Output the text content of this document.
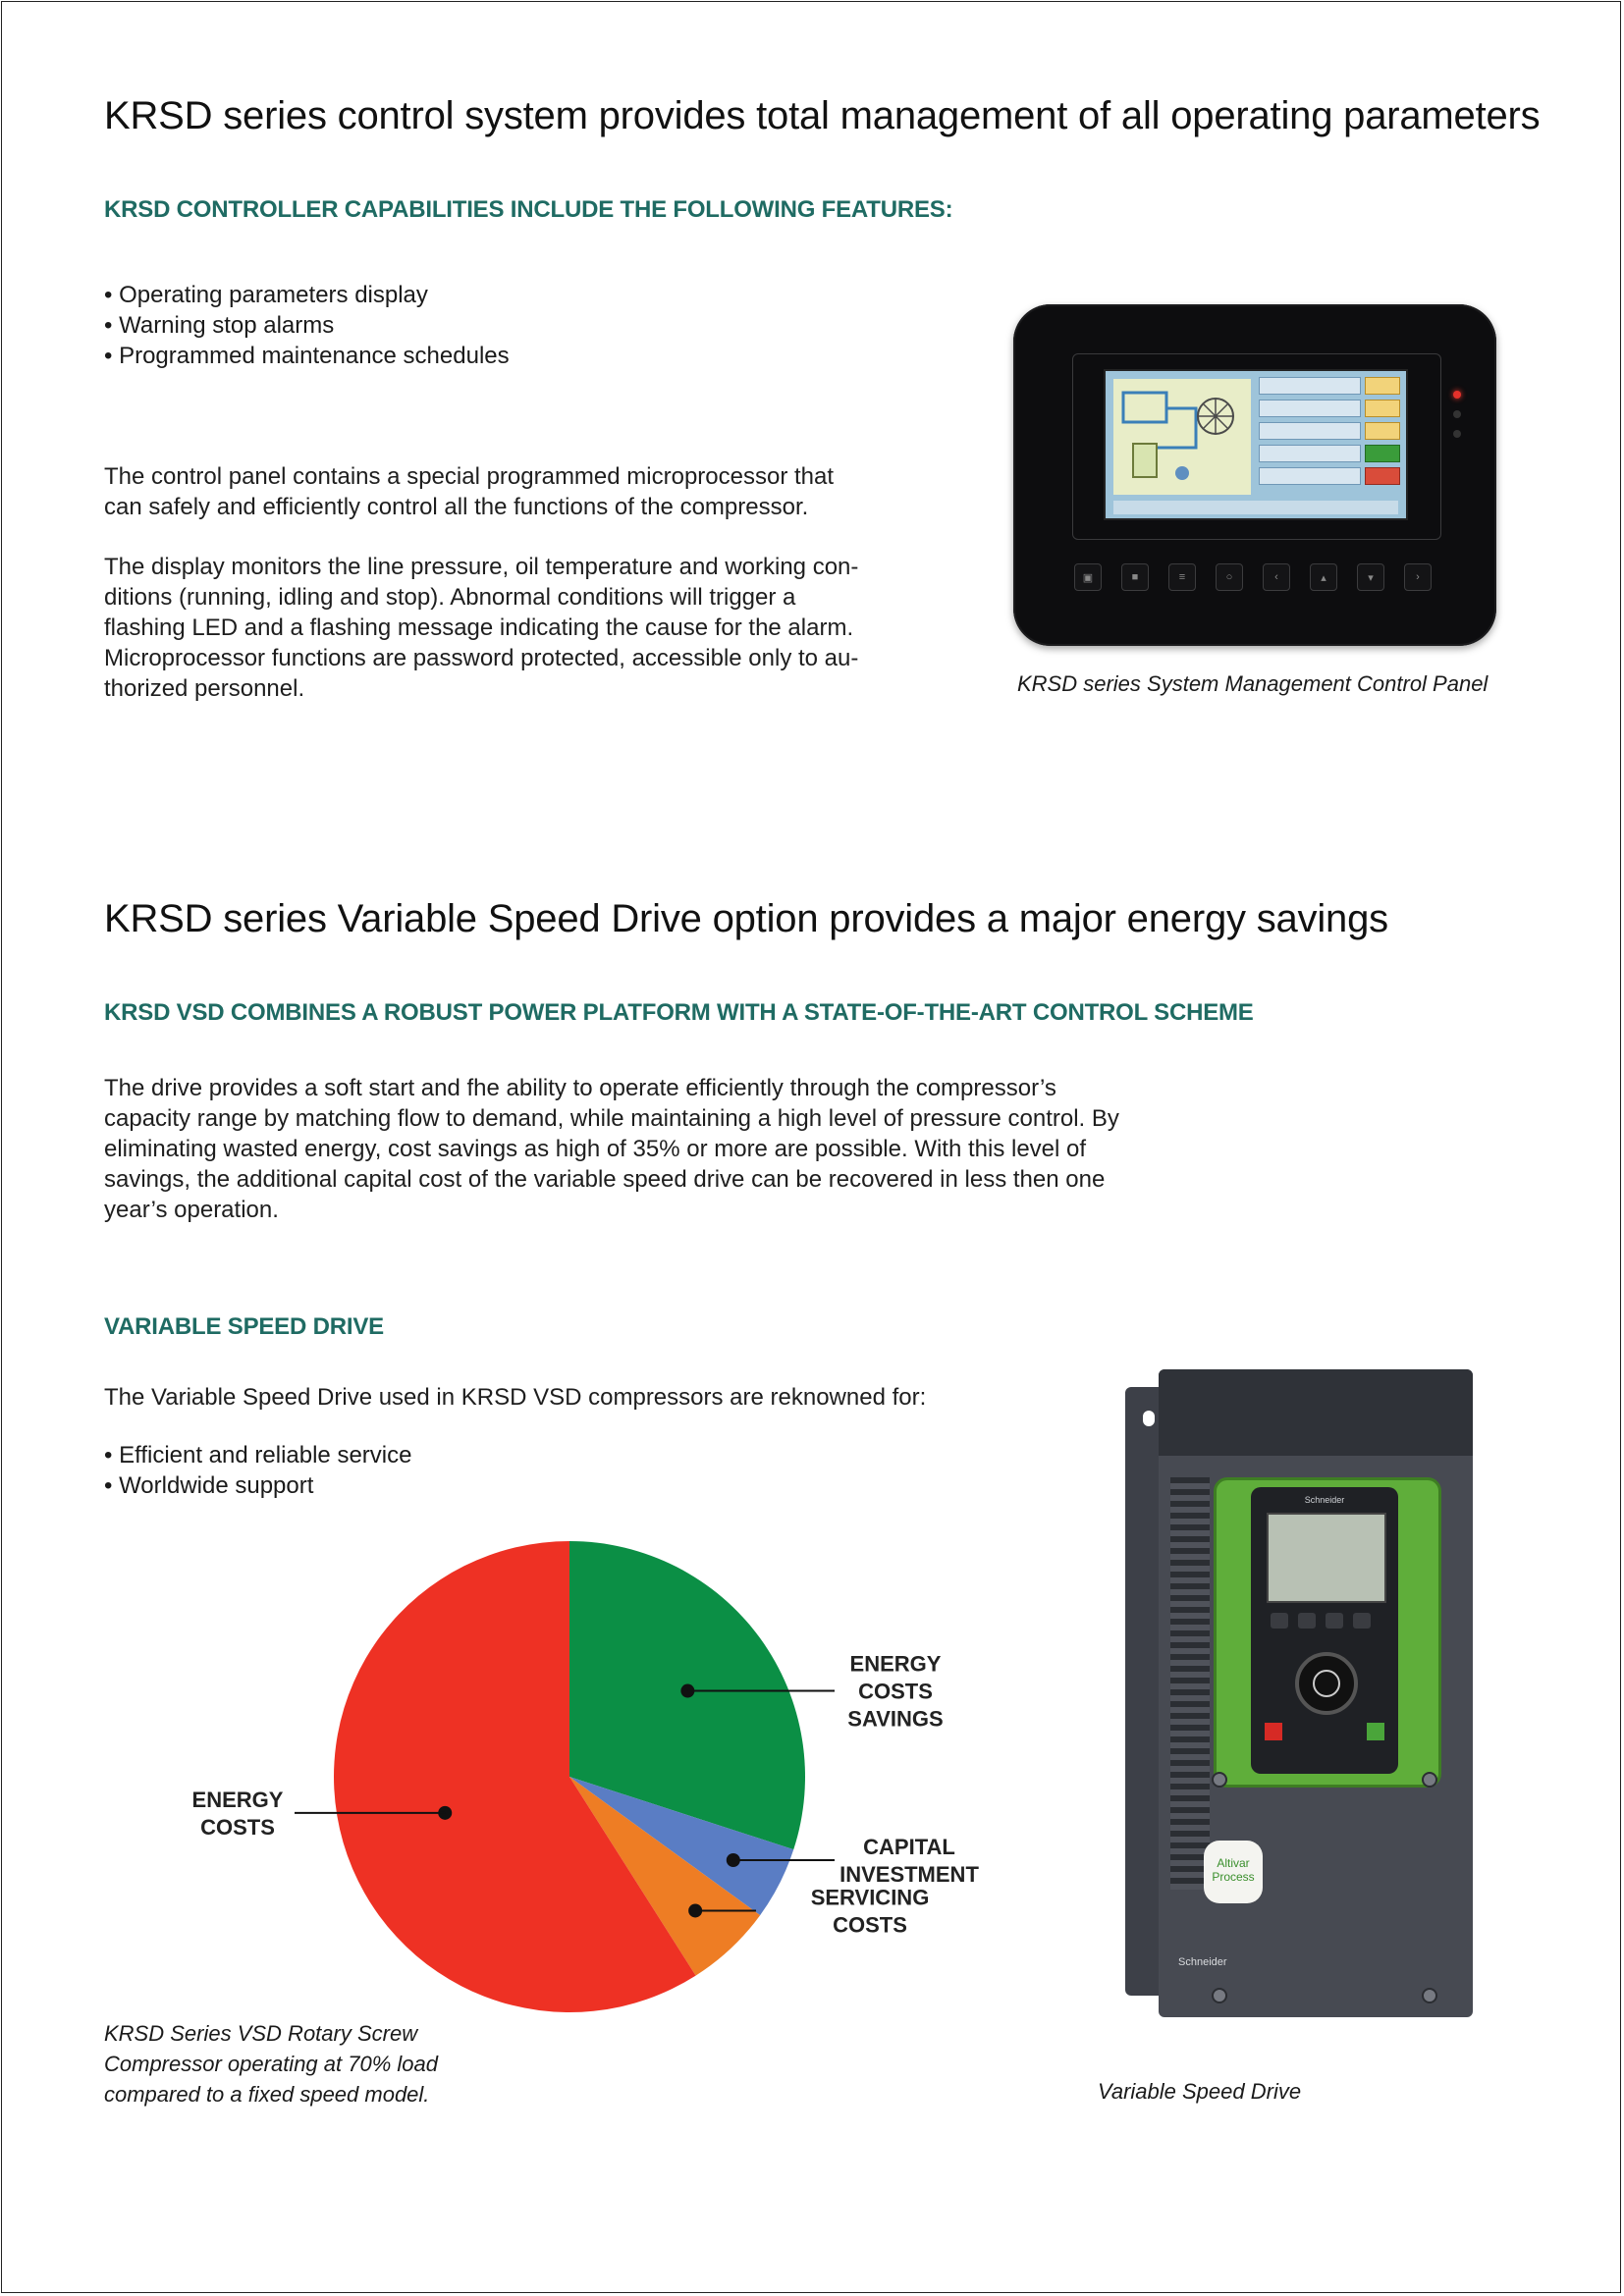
KRSD series control system provides total management of all operating parameters
KRSD CONTROLLER CAPABILITIES INCLUDE THE FOLLOWING FEATURES:
• Operating parameters display
• Warning stop alarms
• Programmed maintenance schedules

The control panel contains a special programmed microprocessor that

can safely and efficiently control all the functions of the compressor.

The display monitors the line pressure, oil temperature and working con-

ditions (running, idling and stop). Abnormal conditions will trigger a

flashing LED and a flashing message indicating the cause for the alarm.

Microprocessor functions are password protected, accessible only to au-

thorized personnel.

▣	■	≡	○	‹	▴	▾	›
KRSD series System Management Control Panel
KRSD series Variable Speed Drive option provides a major energy savings
KRSD VSD COMBINES A ROBUST POWER PLATFORM WITH A STATE-OF-THE-ART CONTROL SCHEME

The drive provides a soft start and fhe ability to operate efficiently through the compressor’s

capacity range by matching flow to demand, while maintaining a high level of pressure control. By

eliminating wasted energy, cost savings as high of 35% or more are possible. With this level of

savings, the additional capital cost of the variable speed drive can be recovered in less then one

year’s operation.

VARIABLE SPEED DRIVE

The Variable Speed Drive used in KRSD VSD compressors are reknowned for:

• Efficient and reliable service
• Worldwide support
ENERGY COSTS SAVINGS
CAPITAL INVESTMENT
SERVICING COSTS
ENERGY COSTS

KRSD Series VSD Rotary Screw

Compressor operating at 70% load

compared to a fixed speed model.

Schneider
Altivar
Process
Schneider
Variable Speed Drive
